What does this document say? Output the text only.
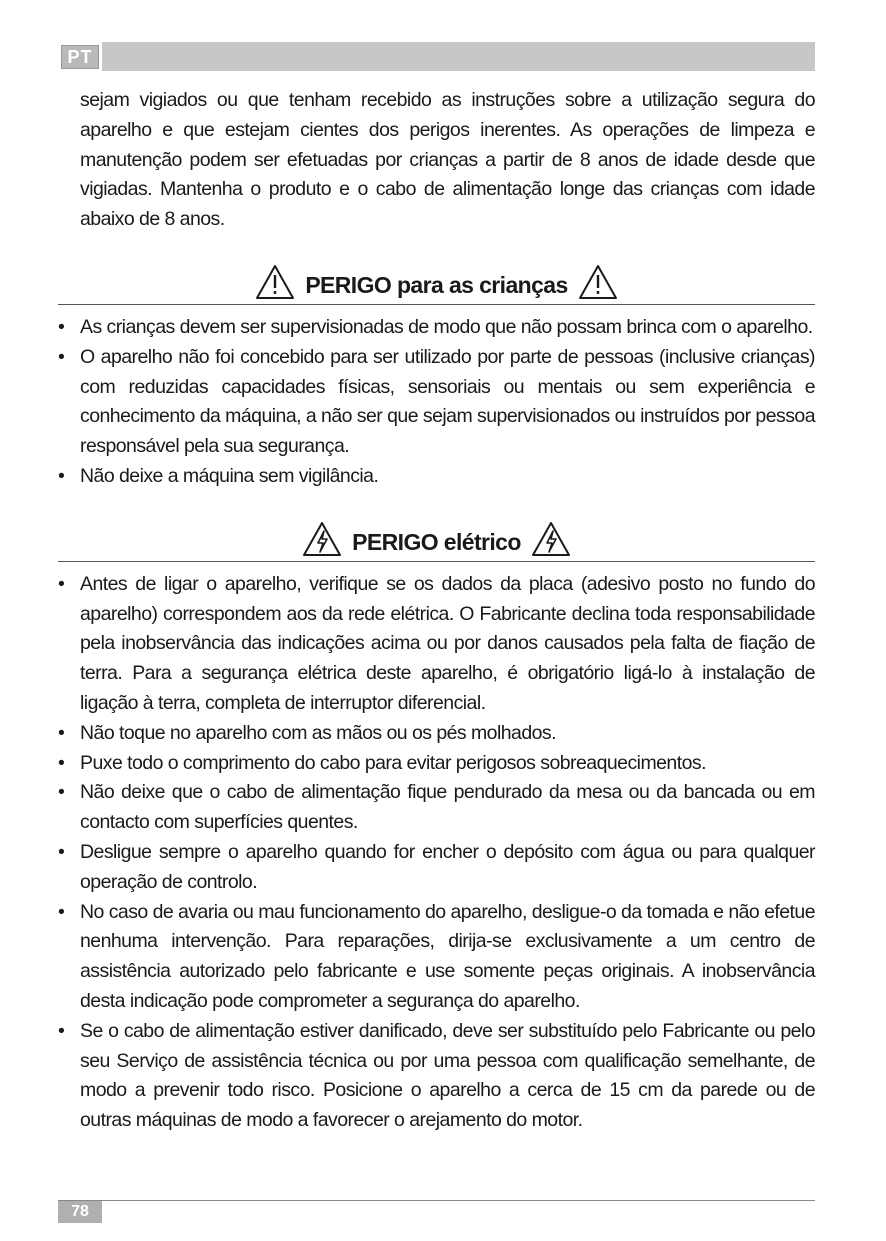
PT

sejam vigiados ou que tenham recebido as instruções sobre a utilização segura do aparelho e que estejam cientes dos perigos inerentes. As operações de limpeza e manutenção podem ser efetuadas por crianças a partir de 8 anos de idade desde que vigiadas. Mantenha o produto e o cabo de alimentação longe das crianças com idade abaixo de 8 anos.

PERIGO para as crianças
• As crianças devem ser supervisionadas de modo que não possam brinca com o aparelho.
• O aparelho não foi concebido para ser utilizado por parte de pessoas (inclusive crianças) com reduzidas capacidades físicas, sensoriais ou mentais ou sem experiência e conhecimento da máquina, a não ser que sejam supervisionados ou instruídos por pessoa responsável pela sua segurança.
• Não deixe a máquina sem vigilância.
PERIGO elétrico
• Antes de ligar o aparelho, verifique se os dados da placa (adesivo posto no fundo do aparelho) correspondem aos da rede elétrica. O Fabricante declina toda responsabilidade pela inobservância das indicações acima ou por danos causados pela falta de fiação de terra. Para a segurança elétrica deste aparelho, é obrigatório ligá-lo à instalação de ligação à terra, completa de interruptor diferencial.
• Não toque no aparelho com as mãos ou os pés molhados.
• Puxe todo o comprimento do cabo para evitar perigosos sobreaquecimentos.
• Não deixe que o cabo de alimentação fique pendurado da mesa ou da bancada ou em contacto com superfícies quentes.
• Desligue sempre o aparelho quando for encher o depósito com água ou para qualquer operação de controlo.
• No caso de avaria ou mau funcionamento do aparelho, desligue-o da tomada e não efetue nenhuma intervenção. Para reparações, dirija-se exclusivamente a um centro de assistência autorizado pelo fabricante e use somente peças originais. A inobservância desta indicação pode comprometer a segurança do aparelho.
• Se o cabo de alimentação estiver danificado, deve ser substituído pelo Fabricante ou pelo seu Serviço de assistência técnica ou por uma pessoa com qualificação semelhante, de modo a prevenir todo risco. Posicione o aparelho a cerca de 15 cm da parede ou de outras máquinas de modo a favorecer o arejamento do motor.
78
